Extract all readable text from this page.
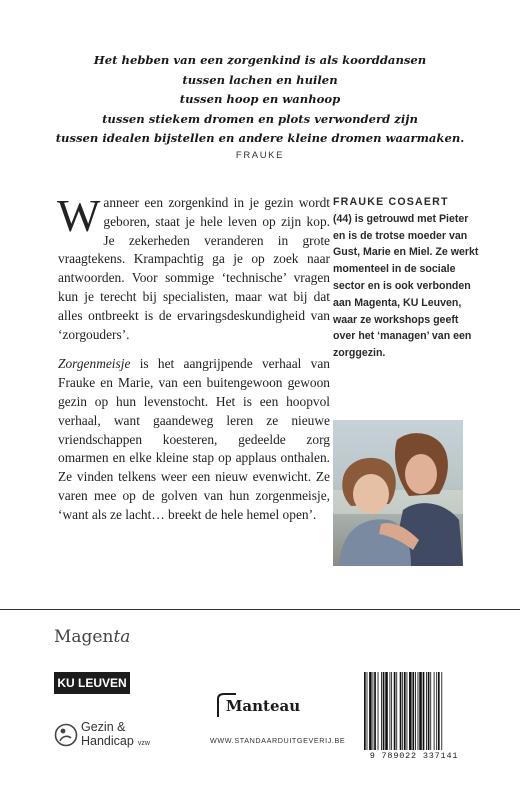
Het hebben van een zorgenkind is als koorddansen
tussen lachen en huilen
tussen hoop en wanhoop
tussen stiekem dromen en plots verwonderd zijn
tussen idealen bijstellen en andere kleine dromen waarmaken.
FRAUKE

Wanneer een zorgenkind in je gezin wordt geboren, staat je hele leven op zijn kop. Je zekerheden veranderen in grote vraagtekens. Krampachtig ga je op zoek naar antwoorden. Voor sommige ‘technische’ vragen kun je terecht bij specialisten, maar wat bij dat alles ontbreekt is de ervaringsdeskundigheid van ‘zorgouders’.

Zorgenmeisje is het aangrijpende verhaal van Frauke en Marie, van een buitengewoon gewoon gezin op hun levenstocht. Het is een hoopvol verhaal, want gaandeweg leren ze nieuwe vriendschappen koesteren, gedeelde zorg omarmen en elke kleine stap op applaus onthalen. Ze vinden telkens weer een nieuw evenwicht. Ze varen mee op de golven van hun zorgenmeisje, ‘want als ze lacht… breekt de hele hemel open’.

FRAUKE COSAERT
(44) is getrouwd met Pieter en is de trotse moeder van Gust, Marie en Miel. Ze werkt momenteel in de sociale sector en is ook verbonden aan Magenta, KU Leuven, waar ze workshops geeft over het ‘managen’ van een zorggezin.
Magenta
KU LEUVEN
Gezin &
Handicap vzw
Manteau
WWW.STANDAARDUITGEVERIJ.BE
9 789022 337141
